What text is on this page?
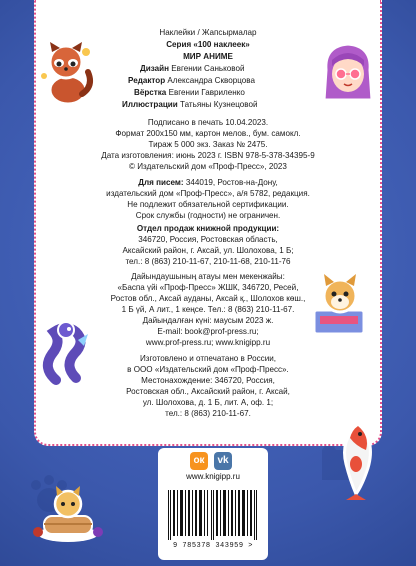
Наклейки / Жапсырмалар
Серия «100 наклеек»
МИР АНИМЕ
Дизайн Евгении Саньковой
Редактор Александра Скворцова
Вёрстка Евгении Гавриленко
Иллюстрации Татьяны Кузнецовой
Подписано в печать 10.04.2023.
Формат 200х150 мм, картон мелов., бум. самокл.
Тираж 5 000 экз. Заказ № 2475.
Дата изготовления: июнь 2023 г. ISBN 978-5-378-34395-9
© Издательский дом «Проф-Пресс», 2023
Для писем: 344019, Ростов-на-Дону,
издательский дом «Проф-Пресс», а/я 5782, редакция.
Не подлежит обязательной сертификации.
Срок службы (годности) не ограничен.
Отдел продаж книжной продукции:
346720, Россия, Ростовская область,
Аксайский район, г. Аксай, ул. Шолохова, 1 Б;
тел.: 8 (863) 210-11-67, 210-11-68, 210-11-76
Дайындаушының атауы мен мекенжайы:
«Баспа үйі «Проф-Пресс» ЖШК, 346720, Ресей,
Ростов обл., Аксай ауданы, Аксай қ., Шолохов көш.,
1 Б үй, А лит., 1 кеңсе. Тел.: 8 (863) 210-11-67.
Дайындалған күні: маусым 2023 ж.
E-mail: book@prof-press.ru;
www.prof-press.ru; www.knigipp.ru
Изготовлено и отпечатано в России,
в ООО «Издательский дом «Проф-Пресс».
Местонахождение: 346720, Россия,
Ростовская обл., Аксайский район, г. Аксай,
ул. Шолохова, д. 1 Б, лит. А, оф. 1;
тел.: 8 (863) 210-11-67.
ок	vk
www.knigipp.ru
9 785378 343959 >
